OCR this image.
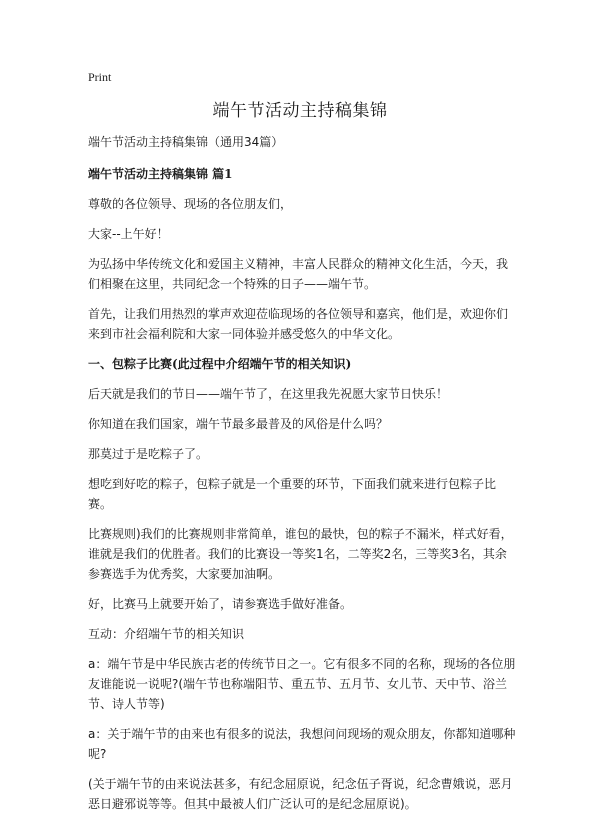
Print
端午节活动主持稿集锦

端午节活动主持稿集锦（通用34篇）

端午节活动主持稿集锦 篇1

尊敬的各位领导、现场的各位朋友们，

大家--上午好！

为弘扬中华传统文化和爱国主义精神，丰富人民群众的精神文化生活，今天，我们相聚在这里，共同纪念一个特殊的日子——端午节。

首先，让我们用热烈的掌声欢迎莅临现场的各位领导和嘉宾，他们是，欢迎你们来到市社会福利院和大家一同体验并感受悠久的中华文化。

一、包粽子比赛(此过程中介绍端午节的相关知识)

后天就是我们的节日——端午节了，在这里我先祝愿大家节日快乐！

你知道在我们国家，端午节最多最普及的风俗是什么吗？

那莫过于是吃粽子了。

想吃到好吃的粽子，包粽子就是一个重要的环节，下面我们就来进行包粽子比赛。

比赛规则)我们的比赛规则非常简单，谁包的最快，包的粽子不漏米，样式好看，谁就是我们的优胜者。我们的比赛设一等奖1名，二等奖2名，三等奖3名，其余参赛选手为优秀奖，大家要加油啊。

好，比赛马上就要开始了，请参赛选手做好准备。

互动：介绍端午节的相关知识

a：端午节是中华民族古老的传统节日之一。它有很多不同的名称，现场的各位朋友谁能说一说呢?(端午节也称端阳节、重五节、五月节、女儿节、天中节、浴兰节、诗人节等)

a：关于端午节的由来也有很多的说法，我想问问现场的观众朋友，你都知道哪种呢?

(关于端午节的由来说法甚多，有纪念屈原说，纪念伍子胥说，纪念曹娥说，恶月恶日避邪说等等。但其中最被人们广泛认可的是纪念屈原说)。
